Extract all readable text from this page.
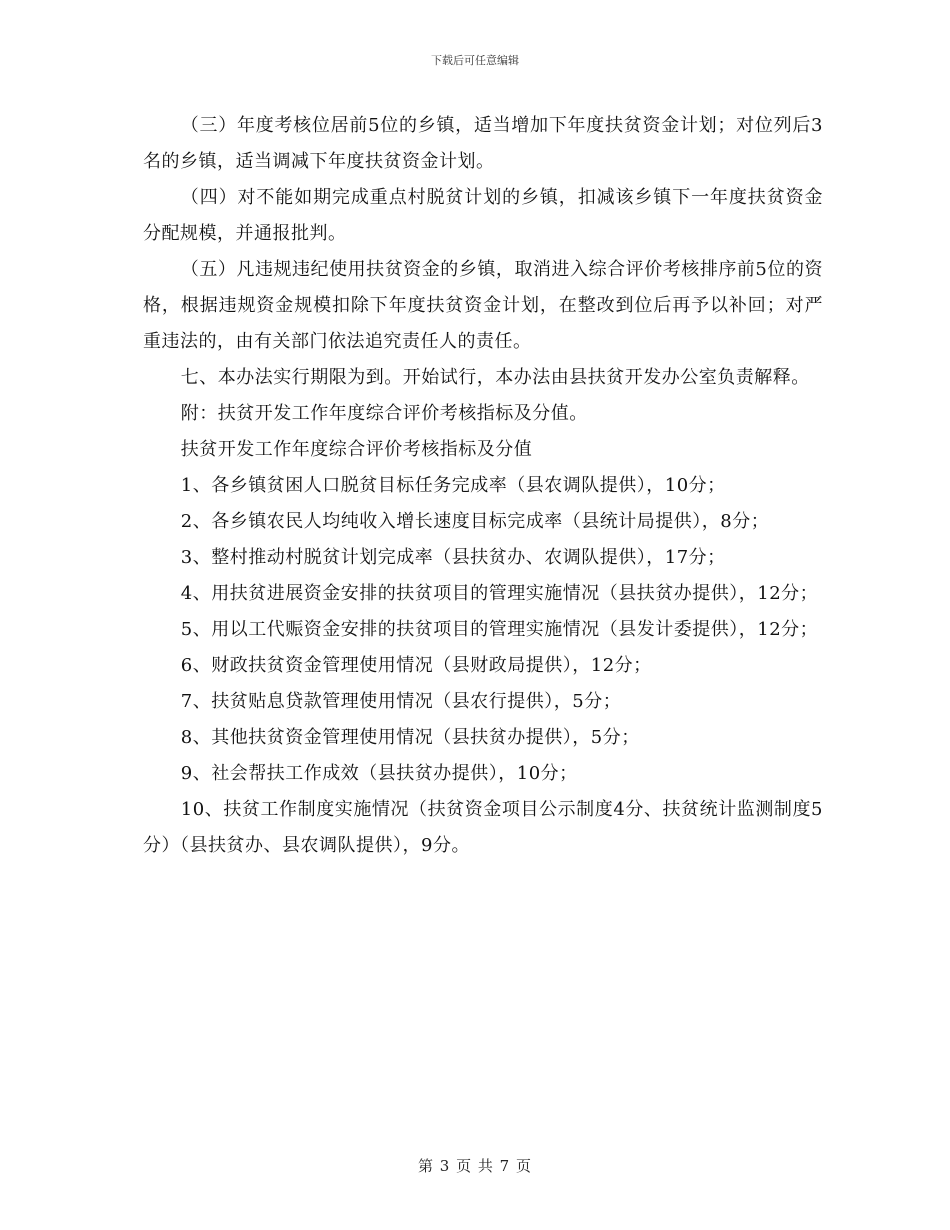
下载后可任意编辑

（三）年度考核位居前5位的乡镇，适当增加下年度扶贫资金计划；对位列后3名的乡镇，适当调减下年度扶贫资金计划。

（四）对不能如期完成重点村脱贫计划的乡镇，扣减该乡镇下一年度扶贫资金分配规模，并通报批判。

（五）凡违规违纪使用扶贫资金的乡镇，取消进入综合评价考核排序前5位的资格，根据违规资金规模扣除下年度扶贫资金计划，在整改到位后再予以补回；对严重违法的，由有关部门依法追究责任人的责任。

七、本办法实行期限为到。开始试行，本办法由县扶贫开发办公室负责解释。

附：扶贫开发工作年度综合评价考核指标及分值。

扶贫开发工作年度综合评价考核指标及分值

1、各乡镇贫困人口脱贫目标任务完成率（县农调队提供），10分；

2、各乡镇农民人均纯收入增长速度目标完成率（县统计局提供），8分；

3、整村推动村脱贫计划完成率（县扶贫办、农调队提供），17分；

4、用扶贫进展资金安排的扶贫项目的管理实施情况（县扶贫办提供），12分；

5、用以工代赈资金安排的扶贫项目的管理实施情况（县发计委提供），12分；

6、财政扶贫资金管理使用情况（县财政局提供），12分；

7、扶贫贴息贷款管理使用情况（县农行提供），5分；

8、其他扶贫资金管理使用情况（县扶贫办提供），5分；

9、社会帮扶工作成效（县扶贫办提供），10分；

10、扶贫工作制度实施情况（扶贫资金项目公示制度4分、扶贫统计监测制度5分）（县扶贫办、县农调队提供），9分。

第 3 页 共 7 页
